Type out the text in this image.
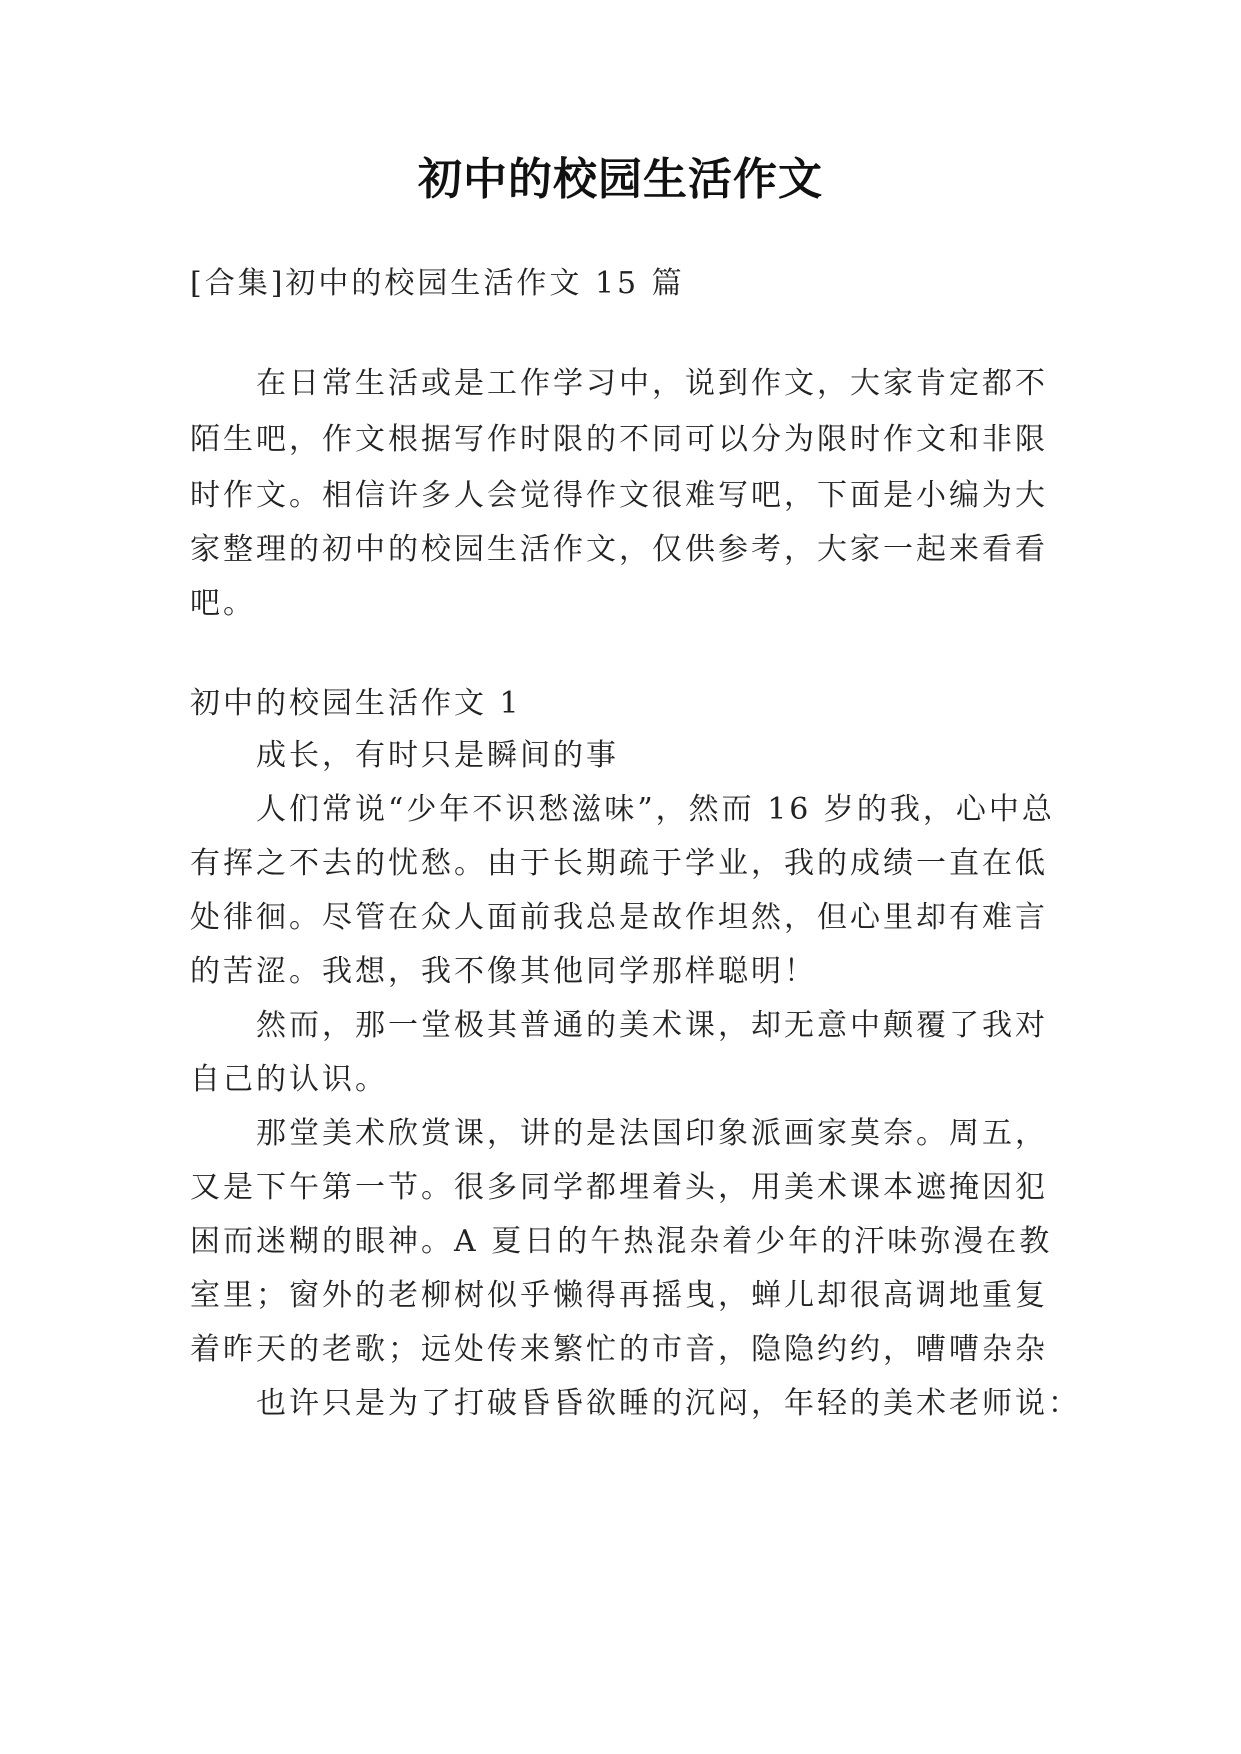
初中的校园生活作文
[合集]初中的校园生活作文 15 篇
在日常生活或是工作学习中，说到作文，大家肯定都不
陌生吧，作文根据写作时限的不同可以分为限时作文和非限
时作文。相信许多人会觉得作文很难写吧，下面是小编为大
家整理的初中的校园生活作文，仅供参考，大家一起来看看
吧。
初中的校园生活作文 1
成长，有时只是瞬间的事
人们常说“少年不识愁滋味”，然而 16 岁的我，心中总
有挥之不去的忧愁。由于长期疏于学业，我的成绩一直在低
处徘徊。尽管在众人面前我总是故作坦然，但心里却有难言
的苦涩。我想，我不像其他同学那样聪明！
然而，那一堂极其普通的美术课，却无意中颠覆了我对
自己的认识。
那堂美术欣赏课，讲的是法国印象派画家莫奈。周五，
又是下午第一节。很多同学都埋着头，用美术课本遮掩因犯
困而迷糊的眼神。A 夏日的午热混杂着少年的汗味弥漫在教
室里；窗外的老柳树似乎懒得再摇曳，蝉儿却很高调地重复
着昨天的老歌；远处传来繁忙的市音，隐隐约约，嘈嘈杂杂
也许只是为了打破昏昏欲睡的沉闷，年轻的美术老师说：
